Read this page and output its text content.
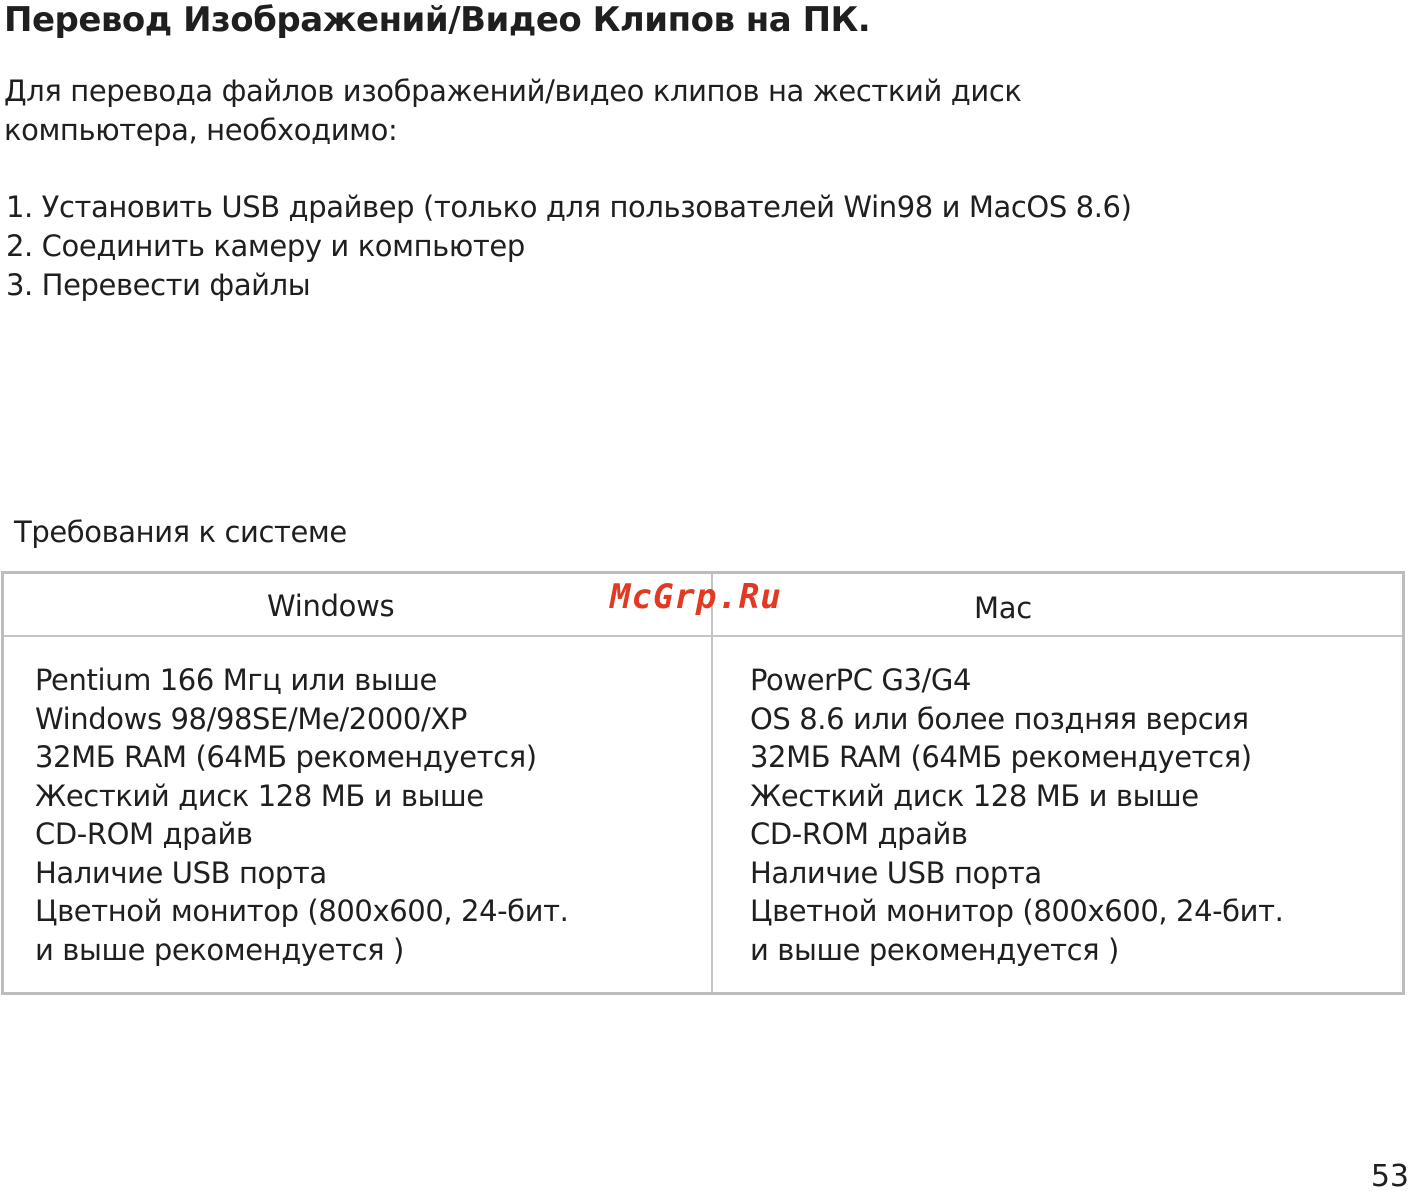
Перевод Изображений/Видео Клипов на ПК.
Для перевода файлов изображений/видео клипов на жесткий диск
компьютера, необходимо:
1. Установить USB драйвер (только для пользователей Win98 и MacOS 8.6)
2. Соединить камеру и компьютер
3. Перевести файлы
Требования к системе
Windows	Mac
Pentium 166 Мгц или выше
Windows 98/98SE/Me/2000/XP
32МБ RAM (64МБ рекомендуется)
Жесткий диск 128 МБ и выше
CD-ROM драйв
Наличие USB порта
Цветной монитор (800x600, 24-бит.
и выше рекомендуется )
PowerPC G3/G4
OS 8.6 или более поздняя версия
32МБ RAM (64МБ рекомендуется)
Жесткий диск 128 МБ и выше
CD-ROM драйв
Наличие USB порта
Цветной монитор (800x600, 24-бит.
и выше рекомендуется )
McGrp.Ru
53
